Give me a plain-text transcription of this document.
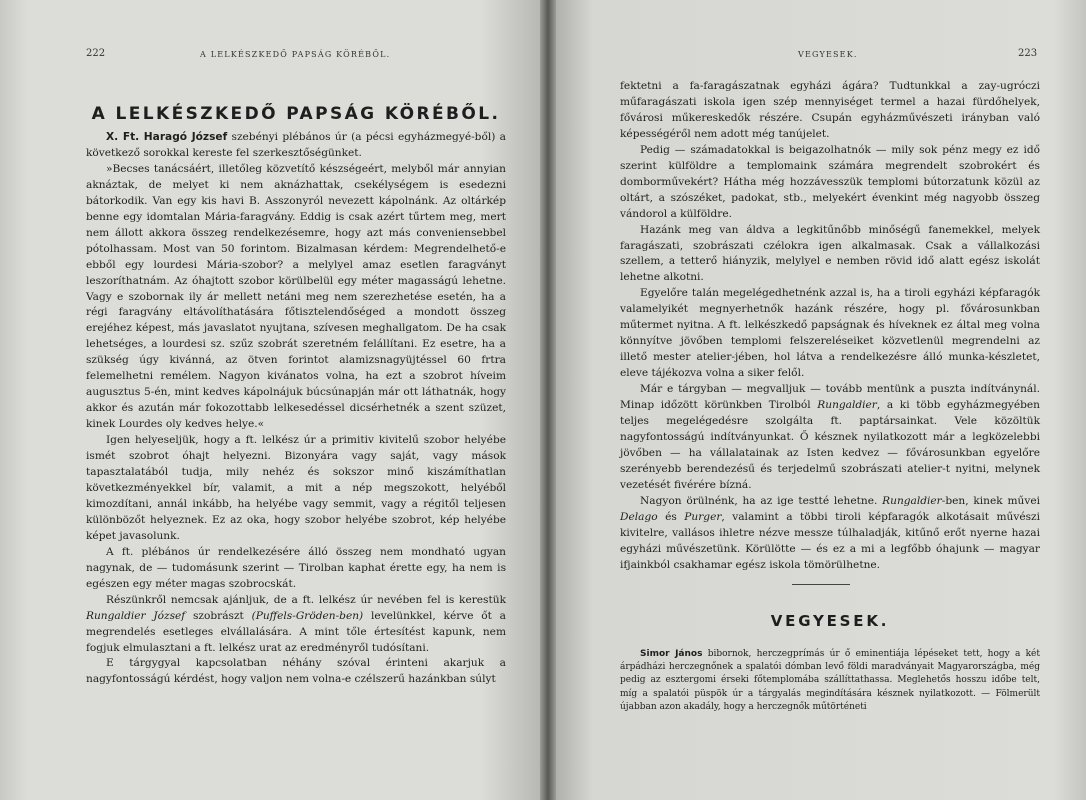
222	A LELKÉSZKEDŐ PAPSÁG KÖRÉBŐL.
A LELKÉSZKEDŐ PAPSÁG KÖRÉBŐL.

X. Ft. Haragó József szebényi plébános úr (a pécsi egyházmegyé-ből) a következő sorokkal kereste fel szerkesztőségünket.

»Becses tanácsáért, illetőleg közvetítő készségeért, melyből már annyian aknáztak, de melyet ki nem aknázhattak, csekélységem is esedezni bátorkodik. Van egy kis havi B. Asszonyról nevezett kápolnánk. Az oltárkép benne egy idomtalan Mária-faragvány. Eddig is csak azért tűrtem meg, mert nem állott akkora összeg rendelkezésemre, hogy azt más conveniensebbel pótolhassam. Most van 50 forintom. Bizalmasan kérdem: Megrendelhető-e ebből egy lourdesi Mária-szobor? a melylyel amaz esetlen faragványt leszoríthatnám. Az óhajtott szobor körülbelül egy méter magasságú lehetne. Vagy e szobornak ily ár mellett netáni meg nem szerezhetése esetén, ha a régi faragvány eltávolíthatására főtisztelendőséged a mondott összeg erejéhez képest, más javaslatot nyujtana, szívesen meghallgatom. De ha csak lehetséges, a lourdesi sz. szűz szobrát szeretném felállítani. Ez esetre, ha a szükség úgy kivánná, az ötven forintot alamizsnagyüjtéssel 60 frtra felemelhetni remélem. Nagyon kivánatos volna, ha ezt a szobrot híveim augusztus 5-én, mint kedves kápolnájuk búcsúnapján már ott láthatnák, hogy akkor és azután már fokozottabb lelkesedéssel dicsérhetnék a szent szüzet, kinek Lourdes oly kedves helye.«

Igen helyeseljük, hogy a ft. lelkész úr a primitiv kivitelű szobor helyébe ismét szobrot óhajt helyezni. Bizonyára vagy saját, vagy mások tapasztalatából tudja, mily nehéz és sokszor minő kiszámíthatlan következményekkel bír, valamit, a mit a nép megszokott, helyéből kimozdítani, annál inkább, ha helyébe vagy semmit, vagy a régitől teljesen különbözőt helyeznek. Ez az oka, hogy szobor helyébe szobrot, kép helyébe képet javasolunk.

A ft. plébános úr rendelkezésére álló összeg nem mondható ugyan nagynak, de — tudomásunk szerint — Tirolban kaphat érette egy, ha nem is egészen egy méter magas szobrocskát.

Részünkről nemcsak ajánljuk, de a ft. lelkész úr nevében fel is kerestük Rungaldier József szobrászt (Puffels-Gröden-ben) levelünkkel, kérve őt a megrendelés esetleges elvállalására. A mint tőle értesítést kapunk, nem fogjuk elmulasztani a ft. lelkész urat az eredményről tudósítani.

E tárgygyal kapcsolatban néhány szóval érinteni akarjuk a nagyfontosságú kérdést, hogy valjon nem volna-e czélszerű hazánkban súlyt

VEGYESEK.	223

fektetni a fa-faragászatnak egyházi ágára? Tudtunkkal a zay-ugróczi műfaragászati iskola igen szép mennyiséget termel a hazai fürdőhelyek, fővárosi műkereskedők részére. Csupán egyházművészeti irányban való képességéről nem adott még tanújelet.

Pedig — számadatokkal is beigazolhatnók — mily sok pénz megy ez idő szerint külföldre a templomaink számára megrendelt szobrokért és domborművekért? Hátha még hozzávesszük templomi bútorzatunk közül az oltárt, a szószéket, padokat, stb., melyekért évenkint még nagyobb összeg vándorol a külföldre.

Hazánk meg van áldva a legkitűnőbb minőségű fanemekkel, melyek faragászati, szobrászati czélokra igen alkalmasak. Csak a vállalkozási szellem, a tetterő hiányzik, melylyel e nemben rövid idő alatt egész iskolát lehetne alkotni.

Egyelőre talán megelégedhetnénk azzal is, ha a tiroli egyházi képfaragók valamelyikét megnyerhetnők hazánk részére, hogy pl. fővárosunkban műtermet nyitna. A ft. lelkészkedő papságnak és híveknek ez által meg volna könnyítve jövőben templomi felszereléseiket közvetlenül megrendelni az illető mester atelier-jében, hol látva a rendelkezésre álló munka-készletet, eleve tájékozva volna a siker felől.

Már e tárgyban — megvalljuk — tovább mentünk a puszta indítványnál. Minap időzött körünkben Tirolból Rungaldier, a ki több egyházmegyében teljes megelégedésre szolgálta ft. paptársainkat. Vele közöltük nagyfontosságú indítványunkat. Ő késznek nyilatkozott már a legközelebbi jövőben — ha vállalatainak az Isten kedvez — fővárosunkban egyelőre szerényebb berendezésű és terjedelmű szobrászati atelier-t nyitni, melynek vezetését fivérére bízná.

Nagyon örülnénk, ha az ige testté lehetne. Rungaldier-ben, kinek művei Delago és Purger, valamint a többi tiroli képfaragók alkotásait művészi kivitelre, vallásos ihletre nézve messze túlhaladják, kitűnő erőt nyerne hazai egyházi művészetünk. Körülötte — és ez a mi a legfőbb óhajunk — magyar ifjainkból csakhamar egész iskola tömörülhetne.

VEGYESEK.

Simor János bibornok, herczegprímás úr ő eminentiája lépéseket tett, hogy a két árpádházi herczegnőnek a spalatói dómban levő földi maradványait Magyarországba, még pedig az esztergomi érseki főtemplomába szállíttathassa. Meglehetős hosszu időbe telt, míg a spalatói püspök úr a tárgyalás megindítására késznek nyilatkozott. — Fölmerült újabban azon akadály, hogy a herczegnők műtörténeti
